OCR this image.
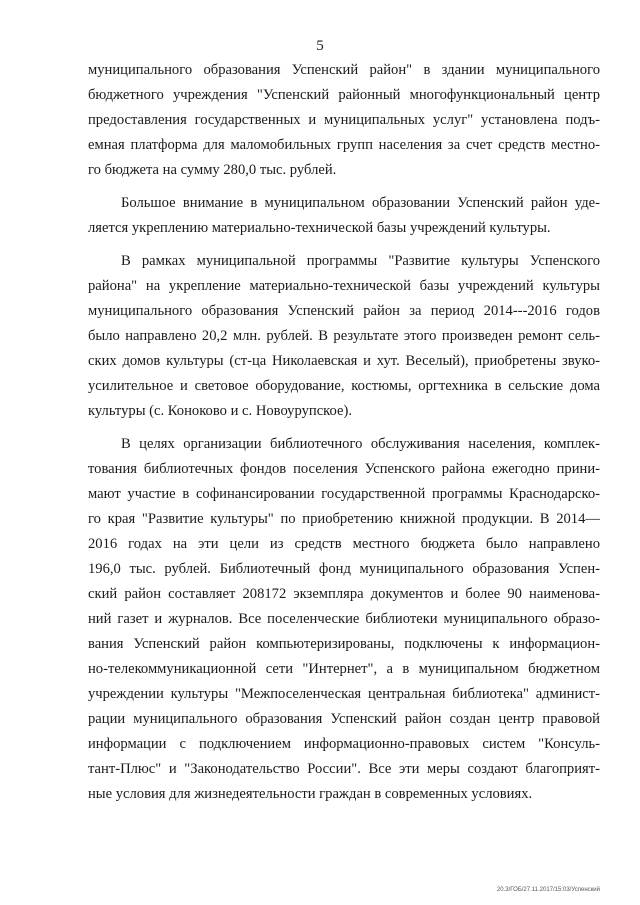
5
муниципального образования Успенский район" в здании муниципального
бюджетного учреждения "Успенский районный многофункциональный центр
предоставления государственных и муниципальных услуг" установлена подъ-
емная платформа для маломобильных групп населения за счет средств местно-
го бюджета на сумму 280,0 тыс. рублей.
Большое внимание в муниципальном образовании Успенский район уде-
ляется укреплению материально-технической базы учреждений культуры.
В рамках муниципальной программы "Развитие культуры Успенского
района" на укрепление материально-технической базы учреждений культуры
муниципального образования Успенский район за период 2014---2016 годов
было направлено 20,2 млн. рублей. В результате этого произведен ремонт сель-
ских домов культуры (ст-ца Николаевская и хут. Веселый), приобретены звуко-
усилительное и световое оборудование, костюмы, оргтехника в сельские дома
культуры (с. Коноково и с. Новоурупское).
В целях организации библиотечного обслуживания населения, комплек-
тования библиотечных фондов поселения Успенского района ежегодно прини-
мают участие в софинансировании государственной программы Краснодарско-
го края "Развитие культуры" по приобретению книжной продукции. В 2014—
2016 годах на эти цели из средств местного бюджета было направлено
196,0 тыс. рублей. Библиотечный фонд муниципального образования Успен-
ский район составляет 208172 экземпляра документов и более 90 наименова-
ний газет и журналов. Все поселенческие библиотеки муниципального образо-
вания Успенский район компьютеризированы, подключены к информацион-
но-телекоммуникационной сети "Интернет", а в муниципальном бюджетном
учреждении культуры "Межпоселенческая центральная библиотека" админист-
рации муниципального образования Успенский район создан центр правовой
информации с подключением информационно-правовых систем "Консуль-
тант-Плюс" и "Законодательство России". Все эти меры создают благоприят-
ные условия для жизнедеятельности граждан в современных условиях.
20.3/ГОБ/27.11.2017/15:03/Успенский
